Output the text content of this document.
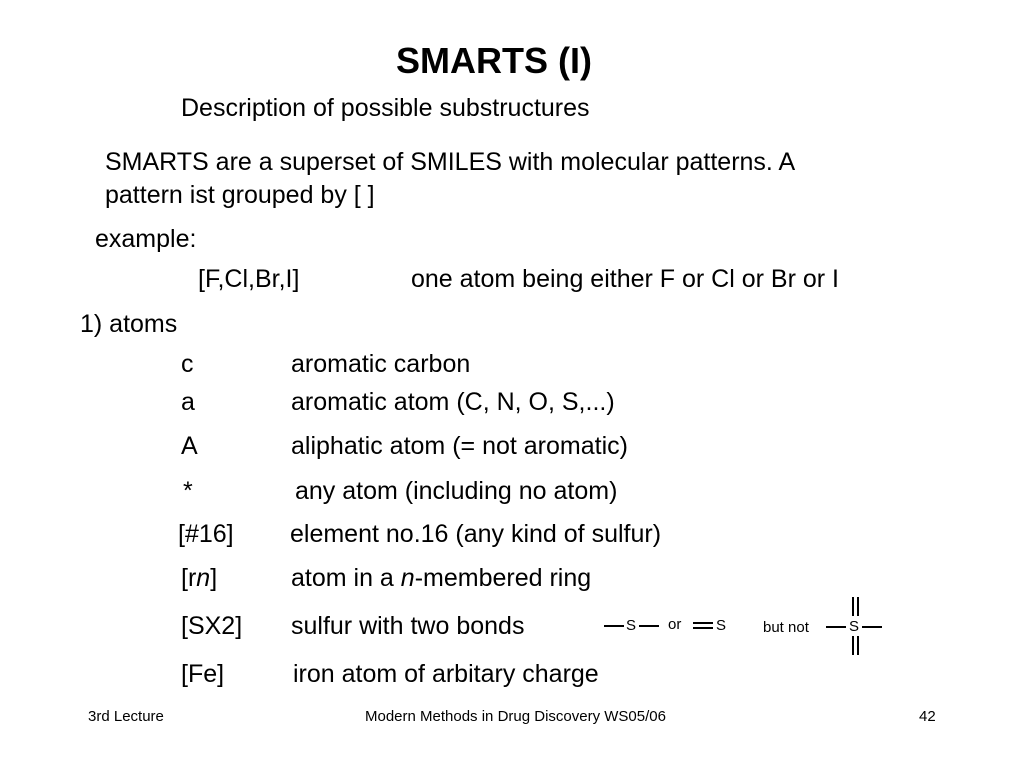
SMARTS (I)
Description of possible substructures
SMARTS are a superset of SMILES with molecular patterns. A
pattern ist grouped by [ ]
example:
[F,Cl,Br,I]	one atom being either F or Cl or Br or I
1) atoms
c	aromatic carbon
a	aromatic atom (C, N, O, S,...)
A	aliphatic atom (= not aromatic)
*	any atom (including no atom)
[#16] element no.16 (any kind of sulfur)
[rn]	atom in a n-membered ring
[SX2] sulfur with two bonds	S or S but not	S
[Fe]	iron atom of arbitary charge
3rd Lecture	Modern Methods in Drug Discovery WS05/06	42
